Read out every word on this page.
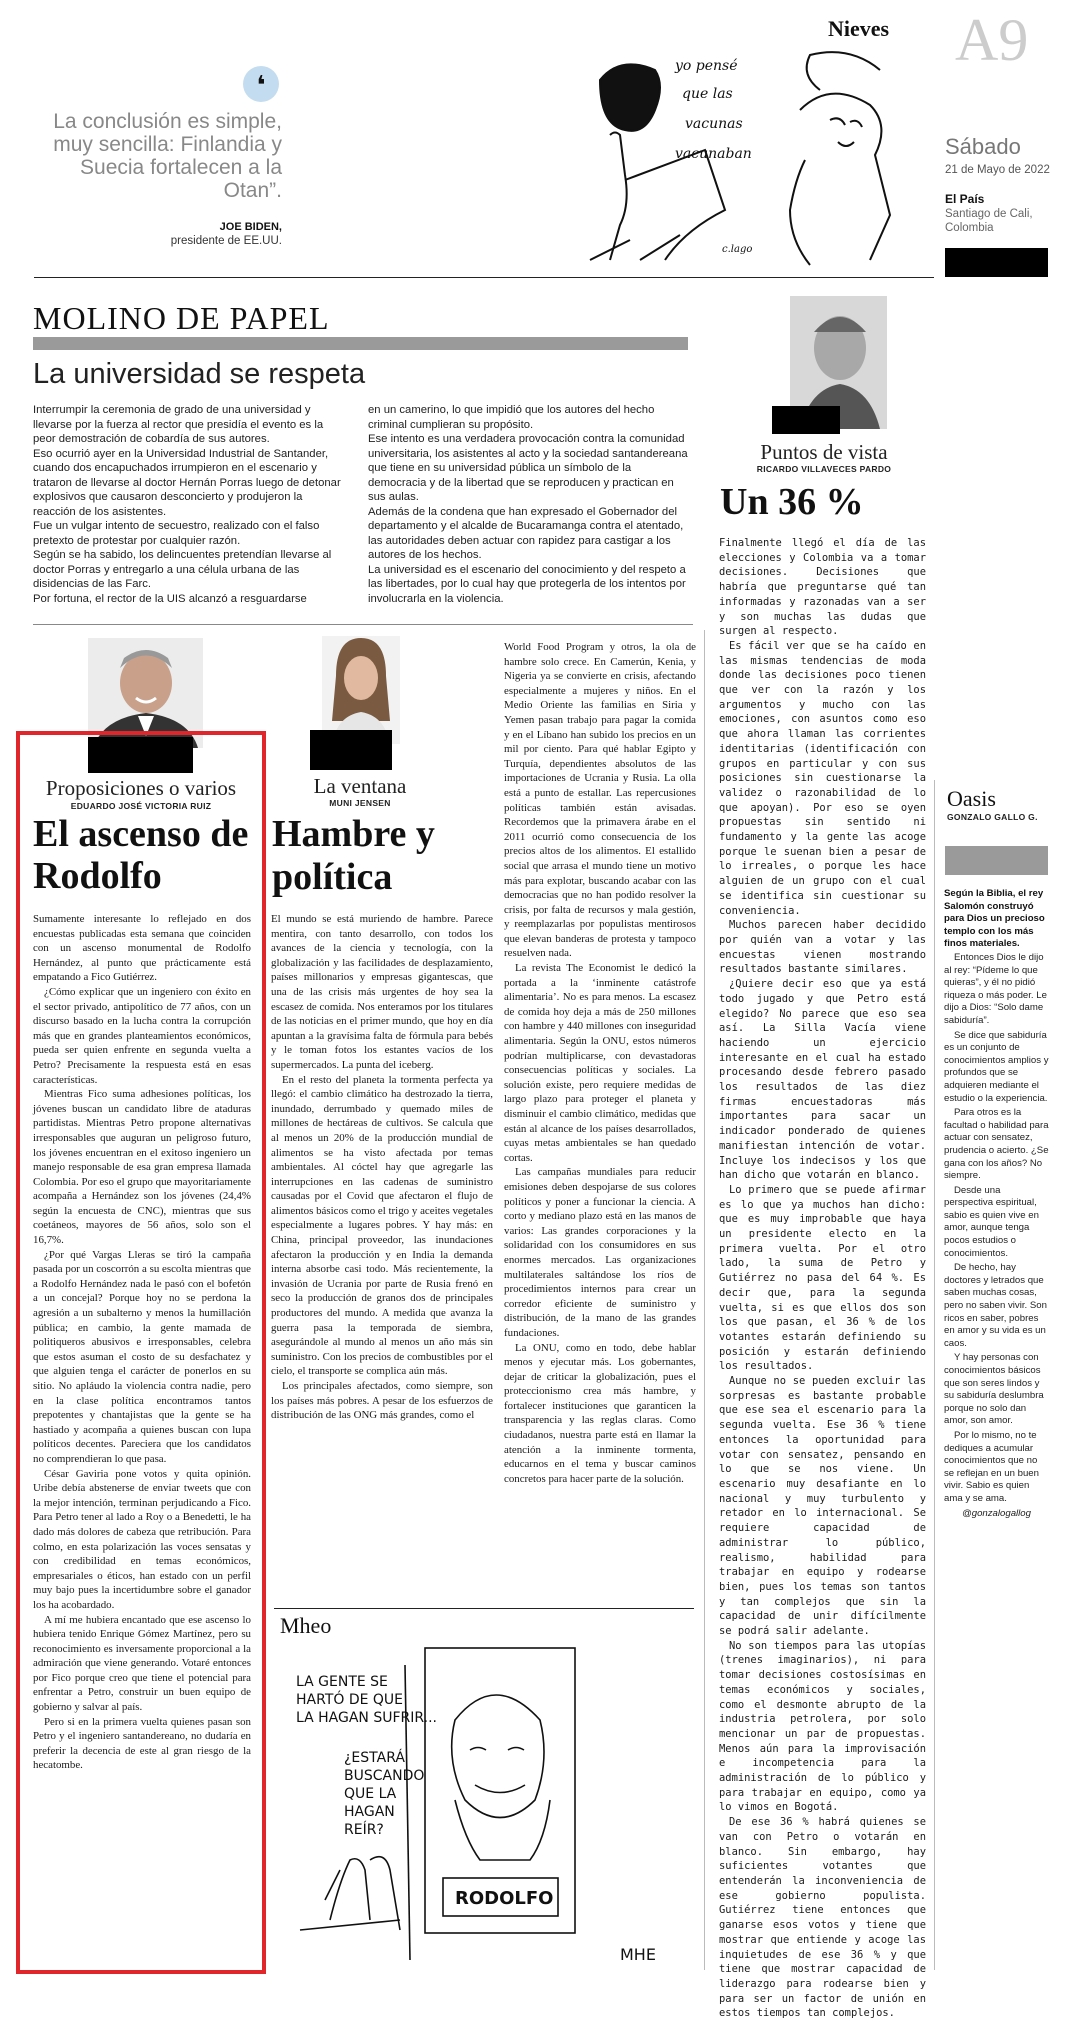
Nieves A9
Sábado
21 de Mayo de 2022
El País
Santiago de Cali, Colombia
❛
La conclusión es simple, muy sencilla: Finlandia y Suecia fortalecen a la Otan”.
JOE BIDEN,
presidente de EE.UU.
yo pensé
que las
vacunas
vacunaban
c.lago
MOLINO DE PAPEL
La universidad se respeta

Interrumpir la ceremonia de grado de una universidad y llevarse por la fuerza al rector que presidía el evento es la peor demostración de cobardía de sus autores.

Eso ocurrió ayer en la Universidad Industrial de Santander, cuando dos encapuchados irrumpieron en el escenario y trataron de llevarse al doctor Hernán Porras luego de detonar explosivos que causaron desconcierto y produjeron la reacción de los asistentes.

Fue un vulgar intento de secuestro, realizado con el falso pretexto de protestar por cualquier razón.

Según se ha sabido, los delincuentes pretendían llevarse al doctor Porras y entregarlo a una célula urbana de las disidencias de las Farc.

Por fortuna, el rector de la UIS alcanzó a resguardarse

en un camerino, lo que impidió que los autores del hecho criminal cumplieran su propósito.

Ese intento es una verdadera provocación contra la comunidad universitaria, los asistentes al acto y la sociedad santandereana que tiene en su universidad pública un símbolo de la democracia y de la libertad que se reproducen y practican en sus aulas.

Además de la condena que han expresado el Gobernador del departamento y el alcalde de Bucaramanga contra el atentado, las autoridades deben actuar con rapidez para castigar a los autores de los hechos.

La universidad es el escenario del conocimiento y del respeto a las libertades, por lo cual hay que protegerla de los intentos por involucrarla en la violencia.

Puntos de vista
RICARDO VILLAVECES PARDO
Un 36 %

Finalmente llegó el día de las elecciones y Colombia va a tomar decisiones. Decisiones que habría que preguntarse qué tan informadas y razonadas van a ser y son muchas las dudas que surgen al respecto.

Es fácil ver que se ha caído en las mismas tendencias de moda donde las decisiones poco tienen que ver con la razón y los argumentos y mucho con las emociones, con asuntos como eso que ahora llaman las corrientes identitarias (identificación con grupos en particular y con sus posiciones sin cuestionarse la validez o razonabilidad de lo que apoyan). Por eso se oyen propuestas sin sentido ni fundamento y la gente las acoge porque le suenan bien a pesar de lo irreales, o porque les hace alguien de un grupo con el cual se identifica sin cuestionar su conveniencia.

Muchos parecen haber decidido por quién van a votar y las encuestas vienen mostrando resultados bastante similares.

¿Quiere decir eso que ya está todo jugado y que Petro está elegido? No parece que eso sea así. La Silla Vacía viene haciendo un ejercicio interesante en el cual ha estado procesando desde febrero pasado los resultados de las diez firmas encuestadoras más importantes para sacar un indicador ponderado de quienes manifiestan intención de votar. Incluye los indecisos y los que han dicho que votarán en blanco.

Lo primero que se puede afirmar es lo que ya muchos han dicho: que es muy improbable que haya un presidente electo en la primera vuelta. Por el otro lado, la suma de Petro y Gutiérrez no pasa del 64 %. Es decir que, para la segunda vuelta, si es que ellos dos son los que pasan, el 36 % de los votantes estarán definiendo su posición y estarán definiendo los resultados.

Aunque no se pueden excluir las sorpresas es bastante probable que ese sea el escenario para la segunda vuelta. Ese 36 % tiene entonces la oportunidad para votar con sensatez, pensando en lo que se nos viene. Un escenario muy desafiante en lo nacional y muy turbulento y retador en lo internacional. Se requiere capacidad de administrar lo público, realismo, habilidad para trabajar en equipo y rodearse bien, pues los temas son tantos y tan complejos que sin la capacidad de unir difícilmente se podrá salir adelante.

No son tiempos para las utopías (trenes imaginarios), ni para tomar decisiones costosísimas en temas económicos y sociales, como el desmonte abrupto de la industria petrolera, por solo mencionar un par de propuestas. Menos aún para la improvisación e incompetencia para la administración de lo público y para trabajar en equipo, como ya lo vimos en Bogotá.

De ese 36 % habrá quienes se van con Petro o votarán en blanco. Sin embargo, hay suficientes votantes que entenderán la inconveniencia de ese gobierno populista. Gutiérrez tiene entonces que ganarse esos votos y tiene que mostrar que entiende y acoge las inquietudes de ese 36 % y que tiene que mostrar capacidad de liderazgo para rodearse bien y para ser un factor de unión en estos tiempos tan complejos.

Proposiciones o varios
EDUARDO JOSÉ VICTORIA RUIZ
El ascenso de Rodolfo

Sumamente interesante lo reflejado en dos encuestas publicadas esta semana que coinciden con un ascenso monumental de Rodolfo Hernández, al punto que prácticamente está empatando a Fico Gutiérrez.

¿Cómo explicar que un ingeniero con éxito en el sector privado, antipolítico de 77 años, con un discurso basado en la lucha contra la corrupción más que en grandes planteamientos económicos, pueda ser quien enfrente en segunda vuelta a Petro? Precisamente la respuesta está en esas características.

Mientras Fico suma adhesiones políticas, los jóvenes buscan un candidato libre de ataduras partidistas. Mientras Petro propone alternativas irresponsables que auguran un peligroso futuro, los jóvenes encuentran en el exitoso ingeniero un manejo responsable de esa gran empresa llamada Colombia. Por eso el grupo que mayoritariamente acompaña a Hernández son los jóvenes (24,4% según la encuesta de CNC), mientras que sus coetáneos, mayores de 56 años, solo son el 16,7%.

¿Por qué Vargas Lleras se tiró la campaña pasada por un coscorrón a su escolta mientras que a Rodolfo Hernández nada le pasó con el bofetón a un concejal? Porque hoy no se perdona la agresión a un subalterno y menos la humillación pública; en cambio, la gente mamada de politiqueros abusivos e irresponsables, celebra que estos asuman el costo de su desfachatez y que alguien tenga el carácter de ponerlos en su sitio. No apláudo la violencia contra nadie, pero en la clase política encontramos tantos prepotentes y chantajistas que la gente se ha hastiado y acompaña a quienes buscan con lupa políticos decentes. Pareciera que los candidatos no comprendieran lo que pasa.

César Gaviria pone votos y quita opinión. Uribe debía abstenerse de enviar tweets que con la mejor intención, terminan perjudicando a Fico. Para Petro tener al lado a Roy o a Benedetti, le ha dado más dolores de cabeza que retribución. Para colmo, en esta polarización las voces sensatas y con credibilidad en temas económicos, empresariales o éticos, han estado con un perfil muy bajo pues la incertidumbre sobre el ganador los ha acobardado.

A mí me hubiera encantado que ese ascenso lo hubiera tenido Enrique Gómez Martínez, pero su reconocimiento es inversamente proporcional a la admiración que viene generando. Votaré entonces por Fico porque creo que tiene el potencial para enfrentar a Petro, construir un buen equipo de gobierno y salvar al país.

Pero si en la primera vuelta quienes pasan son Petro y el ingeniero santandereano, no dudaría en preferir la decencia de este al gran riesgo de la hecatombe.

La ventana
MUNI JENSEN
Hambre y política

El mundo se está muriendo de hambre. Parece mentira, con tanto desarrollo, con todos los avances de la ciencia y tecnología, con la globalización y las facilidades de desplazamiento, países millonarios y empresas gigantescas, que una de las crisis más urgentes de hoy sea la escasez de comida. Nos enteramos por los titulares de las noticias en el primer mundo, que hoy en día apuntan a la gravísima falta de fórmula para bebés y le toman fotos los estantes vacíos de los supermercados. La punta del iceberg.

En el resto del planeta la tormenta perfecta ya llegó: el cambio climático ha destrozado la tierra, inundado, derrumbado y quemado miles de millones de hectáreas de cultivos. Se calcula que al menos un 20% de la producción mundial de alimentos se ha visto afectada por temas ambientales. Al cóctel hay que agregarle las interrupciones en las cadenas de suministro causadas por el Covid que afectaron el flujo de alimentos básicos como el trigo y aceites vegetales especialmente a lugares pobres. Y hay más: en China, principal proveedor, las inundaciones afectaron la producción y en India la demanda interna absorbe casi todo. Más recientemente, la invasión de Ucrania por parte de Rusia frenó en seco la producción de granos dos de principales productores del mundo. A medida que avanza la guerra pasa la temporada de siembra, asegurándole al mundo al menos un año más sin suministro. Con los precios de combustibles por el cielo, el transporte se complica aún más.

Los principales afectados, como siempre, son los países más pobres. A pesar de los esfuerzos de distribución de las ONG más grandes, como el

World Food Program y otros, la ola de hambre solo crece. En Camerún, Kenia, y Nigeria ya se convierte en crisis, afectando especialmente a mujeres y niños. En el Medio Oriente las familias en Siria y Yemen pasan trabajo para pagar la comida y en el Líbano han subido los precios en un mil por ciento. Para qué hablar Egipto y Turquía, dependientes absolutos de las importaciones de Ucrania y Rusia. La olla está a punto de estallar. Las repercusiones políticas también están avisadas. Recordemos que la primavera árabe en el 2011 ocurrió como consecuencia de los precios altos de los alimentos. El estallido social que arrasa el mundo tiene un motivo más para explotar, buscando acabar con las democracias que no han podido resolver la crisis, por falta de recursos y mala gestión, y reemplazarlas por populistas mentirosos que elevan banderas de protesta y tampoco resuelven nada.

La revista The Economist le dedicó la portada a la ‘inminente catástrofe alimentaria’. No es para menos. La escasez de comida hoy deja a más de 250 millones con hambre y 440 millones con inseguridad alimentaria. Según la ONU, estos números podrían multiplicarse, con devastadoras consecuencias políticas y sociales. La solución existe, pero requiere medidas de largo plazo para proteger el planeta y disminuir el cambio climático, medidas que están al alcance de los países desarrollados, cuyas metas ambientales se han quedado cortas.

Las campañas mundiales para reducir emisiones deben despojarse de sus colores políticos y poner a funcionar la ciencia. A corto y mediano plazo está en las manos de varios: Las grandes corporaciones y la solidaridad con los consumidores en sus enormes mercados. Las organizaciones multilaterales saltándose los ríos de procedimientos internos para crear un corredor eficiente de suministro y distribución, de la mano de las grandes fundaciones.

La ONU, como en todo, debe hablar menos y ejecutar más. Los gobernantes, dejar de criticar la globalización, pues el proteccionismo crea más hambre, y fortalecer instituciones que garanticen la transparencia y las reglas claras. Como ciudadanos, nuestra parte está en llamar la atención a la inminente tormenta, educarnos en el tema y buscar caminos concretos para hacer parte de la solución.

Oasis
GONZALO GALLO G.
Según la Biblia, el rey Salomón construyó para Dios un precioso templo con los más finos materiales.

Entonces Dios le dijo al rey: “Pídeme lo que quieras”, y él no pidió riqueza o más poder. Le dijo a Dios: “Solo dame sabiduría”.

Se dice que sabiduría es un conjunto de conocimientos amplios y profundos que se adquieren mediante el estudio o la experiencia.

Para otros es la facultad o habilidad para actuar con sensatez, prudencia o acierto. ¿Se gana con los años? No siempre.

Desde una perspectiva espiritual, sabio es quien vive en amor, aunque tenga pocos estudios o conocimientos.

De hecho, hay doctores y letrados que saben muchas cosas, pero no saben vivir. Son ricos en saber, pobres en amor y su vida es un caos.

Y hay personas con conocimientos básicos que son seres lindos y su sabiduría deslumbra porque no solo dan amor, son amor.

Por lo mismo, no te dediques a acumular conocimientos que no se reflejan en un buen vivir. Sabio es quien ama y se ama.

@gonzalogallog

Mheo
LA GENTE SE
HARTÓ DE QUE
LA HAGAN SUFRIR...
¿ESTARÁ
BUSCANDO
QUE LA
HAGAN
REÍR?
RODOLFO
MHE
